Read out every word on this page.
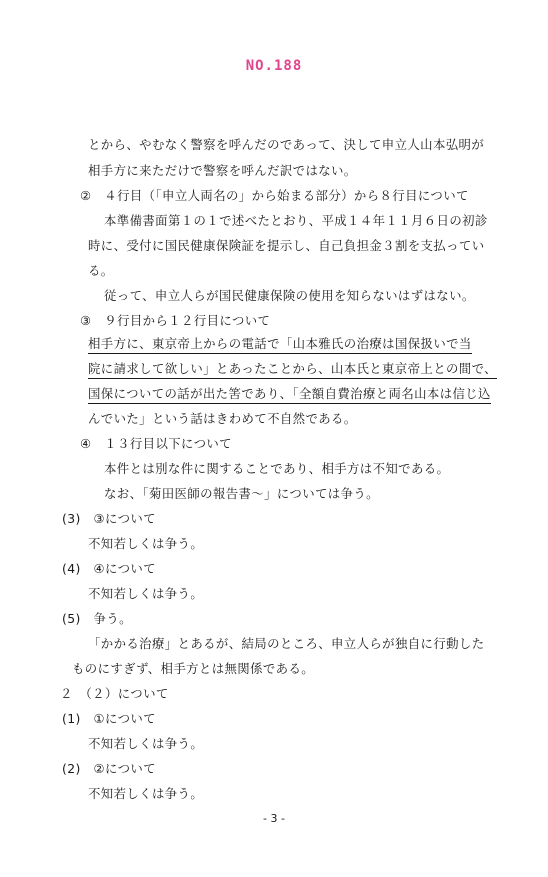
NO.188
とから、やむなく警察を呼んだのであって、決して申立人山本弘明が
相手方に来ただけで警察を呼んだ訳ではない。
②　４行目（「申立人両名の」から始まる部分）から８行目について
本準備書面第１の１で述べたとおり、平成１４年１１月６日の初診
時に、受付に国民健康保険証を提示し、自己負担金３割を支払ってい
る。
従って、申立人らが国民健康保険の使用を知らないはずはない。
③　９行目から１２行目について
相手方に、東京帝上からの電話で「山本雅氏の治療は国保扱いで当
院に請求して欲しい」とあったことから、山本氏と東京帝上との間で、
国保についての話が出た筈であり、「全額自費治療と両名山本は信じ込
んでいた」という話はきわめて不自然である。
④　１３行目以下について
本件とは別な件に関することであり、相手方は不知である。
なお、「菊田医師の報告書～」については争う。
(3)　③について
不知若しくは争う。
(4)　④について
不知若しくは争う。
(5)　争う。
「かかる治療」とあるが、結局のところ、申立人らが独自に行動した
ものにすぎず、相手方とは無関係である。
２　（２）について
(1)　①について
不知若しくは争う。
(2)　②について
不知若しくは争う。
- 3 -
